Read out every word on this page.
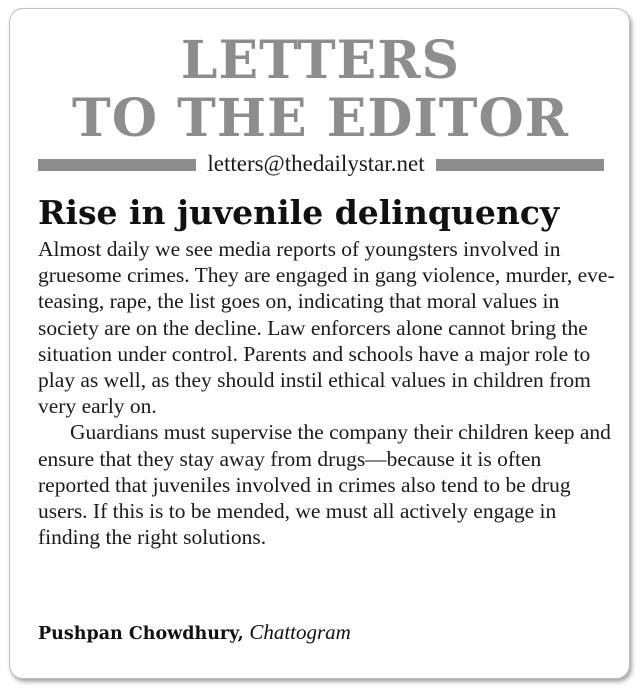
LETTERS
TO THE EDITOR
letters@thedailystar.net
Rise in juvenile delinquency

Almost daily we see media reports of youngsters involved in gruesome crimes. They are engaged in gang violence, murder, eve-teasing, rape, the list goes on, indicating that moral values in society are on the decline. Law enforcers alone cannot bring the situation under control. Parents and schools have a major role to play as well, as they should instil ethical values in children from very early on.

Guardians must supervise the company their children keep and ensure that they stay away from drugs—because it is often reported that juveniles involved in crimes also tend to be drug users. If this is to be mended, we must all actively engage in finding the right solutions.

Pushpan Chowdhury, Chattogram
